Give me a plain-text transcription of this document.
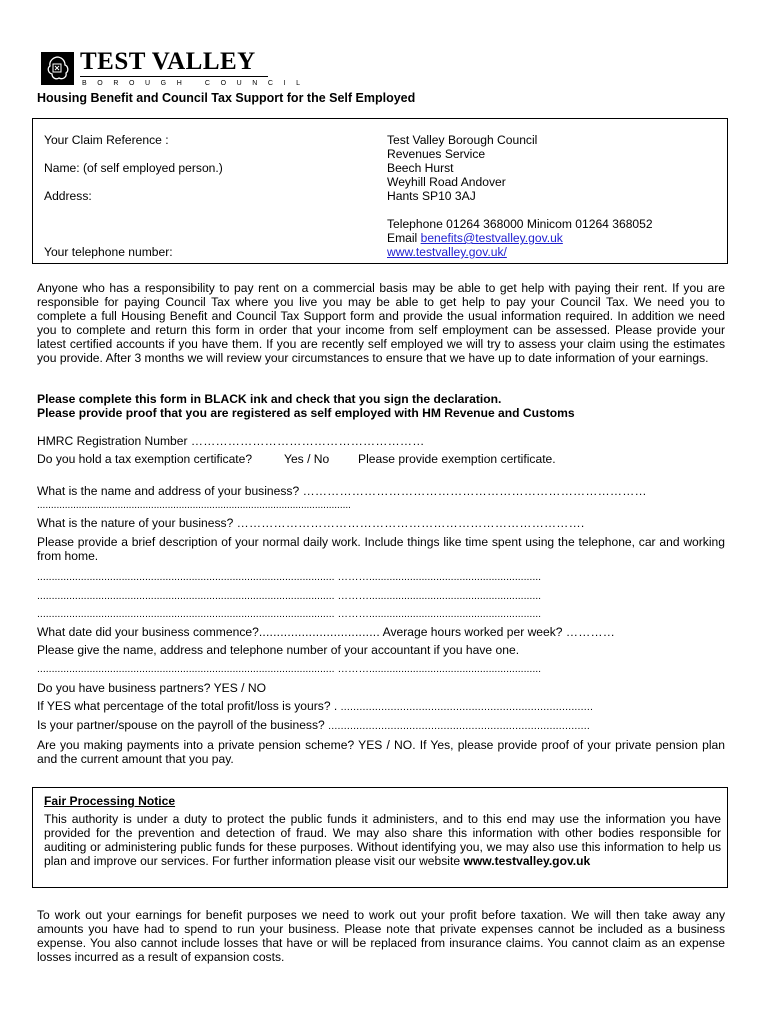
TEST VALLEY
BOROUGH COUNCIL
Housing Benefit and Council Tax Support for the Self Employed
Your Claim Reference :
Name: (of self employed person.)
Address:
Your telephone number:
Test Valley Borough Council
Revenues Service
Beech Hurst
Weyhill Road Andover
Hants SP10 3AJ
Telephone 01264 368000 Minicom 01264 368052
Email benefits@testvalley.gov.uk
www.testvalley.gov.uk/
Anyone who has a responsibility to pay rent on a commercial basis may be able to get help with paying their rent. If you are responsible for paying Council Tax where you live you may be able to get help to pay your Council Tax. We need you to complete a full Housing Benefit and Council Tax Support form and provide the usual information required. In addition we need you to complete and return this form in order that your income from self employment can be assessed. Please provide your latest certified accounts if you have them. If you are recently self employed we will try to assess your claim using the estimates you provide. After 3 months we will review your circumstances to ensure that we have up to date information of your earnings.
Please complete this form in BLACK ink and check that you sign the declaration.
Please provide proof that you are registered as self employed with HM Revenue and Customs
HMRC Registration Number …………………………………………………
Do you hold a tax exemption certificate?	Yes / No Please provide exemption certificate.
What is the name and address of your business? …………………………………………………………………………
.................................................................................................................
What is the nature of your business? ………………………………………………………………………….
Please provide a brief description of your normal daily work. Include things like time spent using the telephone, car and working from home.
...................................................................................................... ………...........................................................
...................................................................................................... ………...........................................................
...................................................................................................... ………...........................................................
What date did your business commence?.................................. Average hours worked per week? …………
Please give the name, address and telephone number of your accountant if you have one.
...................................................................................................... ………...........................................................
Do you have business partners? YES / NO
If YES what percentage of the total profit/loss is yours? . .................................................................................
Is your partner/spouse on the payroll of the business? ....................................................................................
Are you making payments into a private pension scheme? YES / NO. If Yes, please provide proof of your private pension plan and the current amount that you pay.
Fair Processing Notice
This authority is under a duty to protect the public funds it administers, and to this end may use the information you have provided for the prevention and detection of fraud. We may also share this information with other bodies responsible for auditing or administering public funds for these purposes. Without identifying you, we may also use this information to help us plan and improve our services. For further information please visit our website www.testvalley.gov.uk
To work out your earnings for benefit purposes we need to work out your profit before taxation. We will then take away any amounts you have had to spend to run your business. Please note that private expenses cannot be included as a business expense. You also cannot include losses that have or will be replaced from insurance claims. You cannot claim as an expense losses incurred as a result of expansion costs.
